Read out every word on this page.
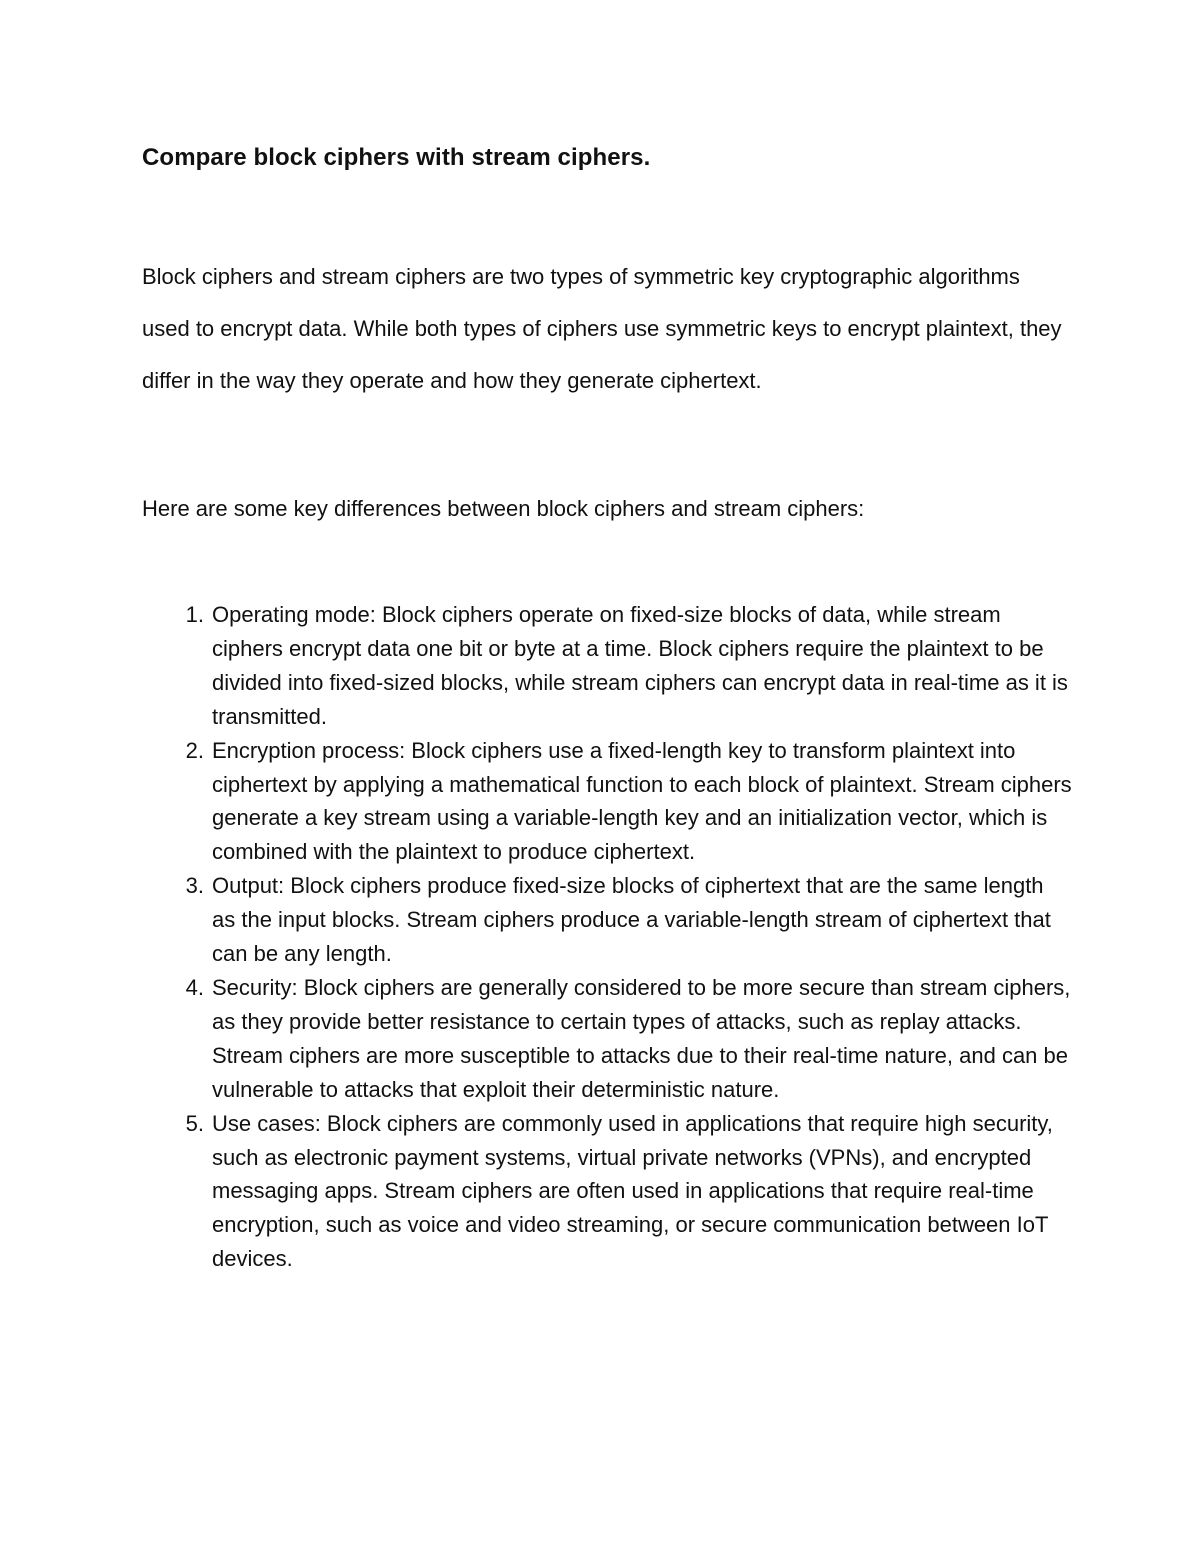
Compare block ciphers with stream ciphers.

Block ciphers and stream ciphers are two types of symmetric key cryptographic algorithms used to encrypt data. While both types of ciphers use symmetric keys to encrypt plaintext, they differ in the way they operate and how they generate ciphertext.

Here are some key differences between block ciphers and stream ciphers:

1. Operating mode: Block ciphers operate on fixed-size blocks of data, while stream ciphers encrypt data one bit or byte at a time. Block ciphers require the plaintext to be divided into fixed-sized blocks, while stream ciphers can encrypt data in real-time as it is transmitted.
2. Encryption process: Block ciphers use a fixed-length key to transform plaintext into ciphertext by applying a mathematical function to each block of plaintext. Stream ciphers generate a key stream using a variable-length key and an initialization vector, which is combined with the plaintext to produce ciphertext.
3. Output: Block ciphers produce fixed-size blocks of ciphertext that are the same length as the input blocks. Stream ciphers produce a variable-length stream of ciphertext that can be any length.
4. Security: Block ciphers are generally considered to be more secure than stream ciphers, as they provide better resistance to certain types of attacks, such as replay attacks. Stream ciphers are more susceptible to attacks due to their real-time nature, and can be vulnerable to attacks that exploit their deterministic nature.
5. Use cases: Block ciphers are commonly used in applications that require high security, such as electronic payment systems, virtual private networks (VPNs), and encrypted messaging apps. Stream ciphers are often used in applications that require real-time encryption, such as voice and video streaming, or secure communication between IoT devices.
